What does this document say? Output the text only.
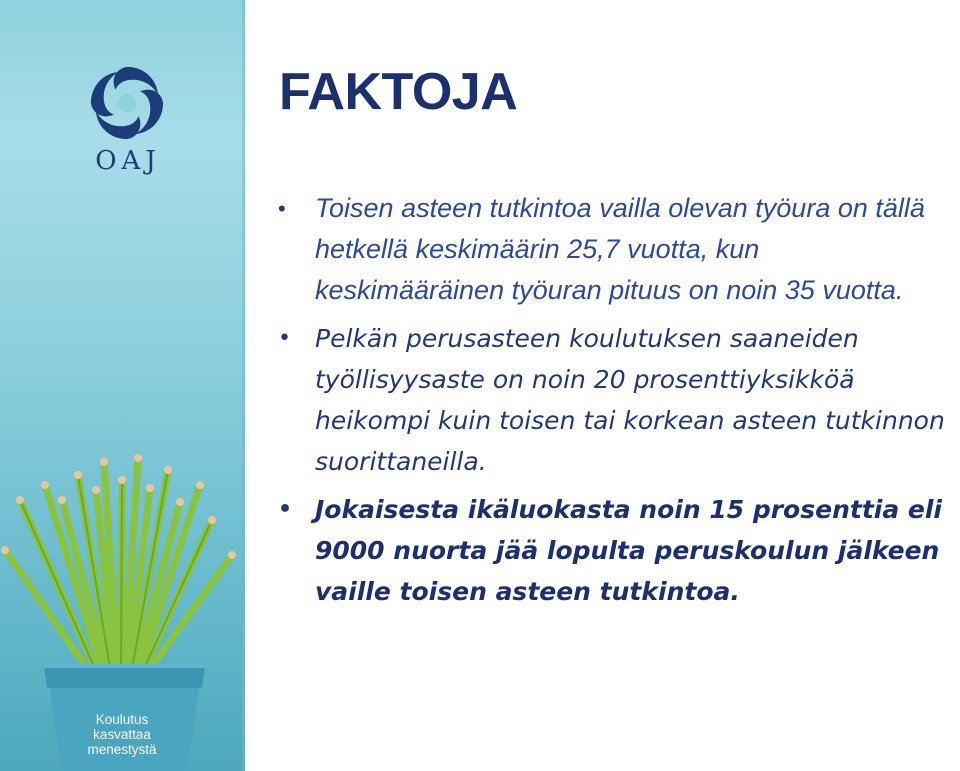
OAJ
Koulutus
kasvattaa
menestystä
FAKTOJA
• Toisen asteen tutkintoa vailla olevan työura on tällä hetkellä keskimäärin 25,7 vuotta, kun keskimääräinen työuran pituus on noin 35 vuotta.
• Pelkän perusasteen koulutuksen saaneiden työllisyysaste on noin 20 prosenttiyksikköä heikompi kuin toisen tai korkean asteen tutkinnon suorittaneilla.
• Jokaisesta ikäluokasta noin 15 prosenttia eli 9000 nuorta jää lopulta peruskoulun jälkeen vaille toisen asteen tutkintoa.
